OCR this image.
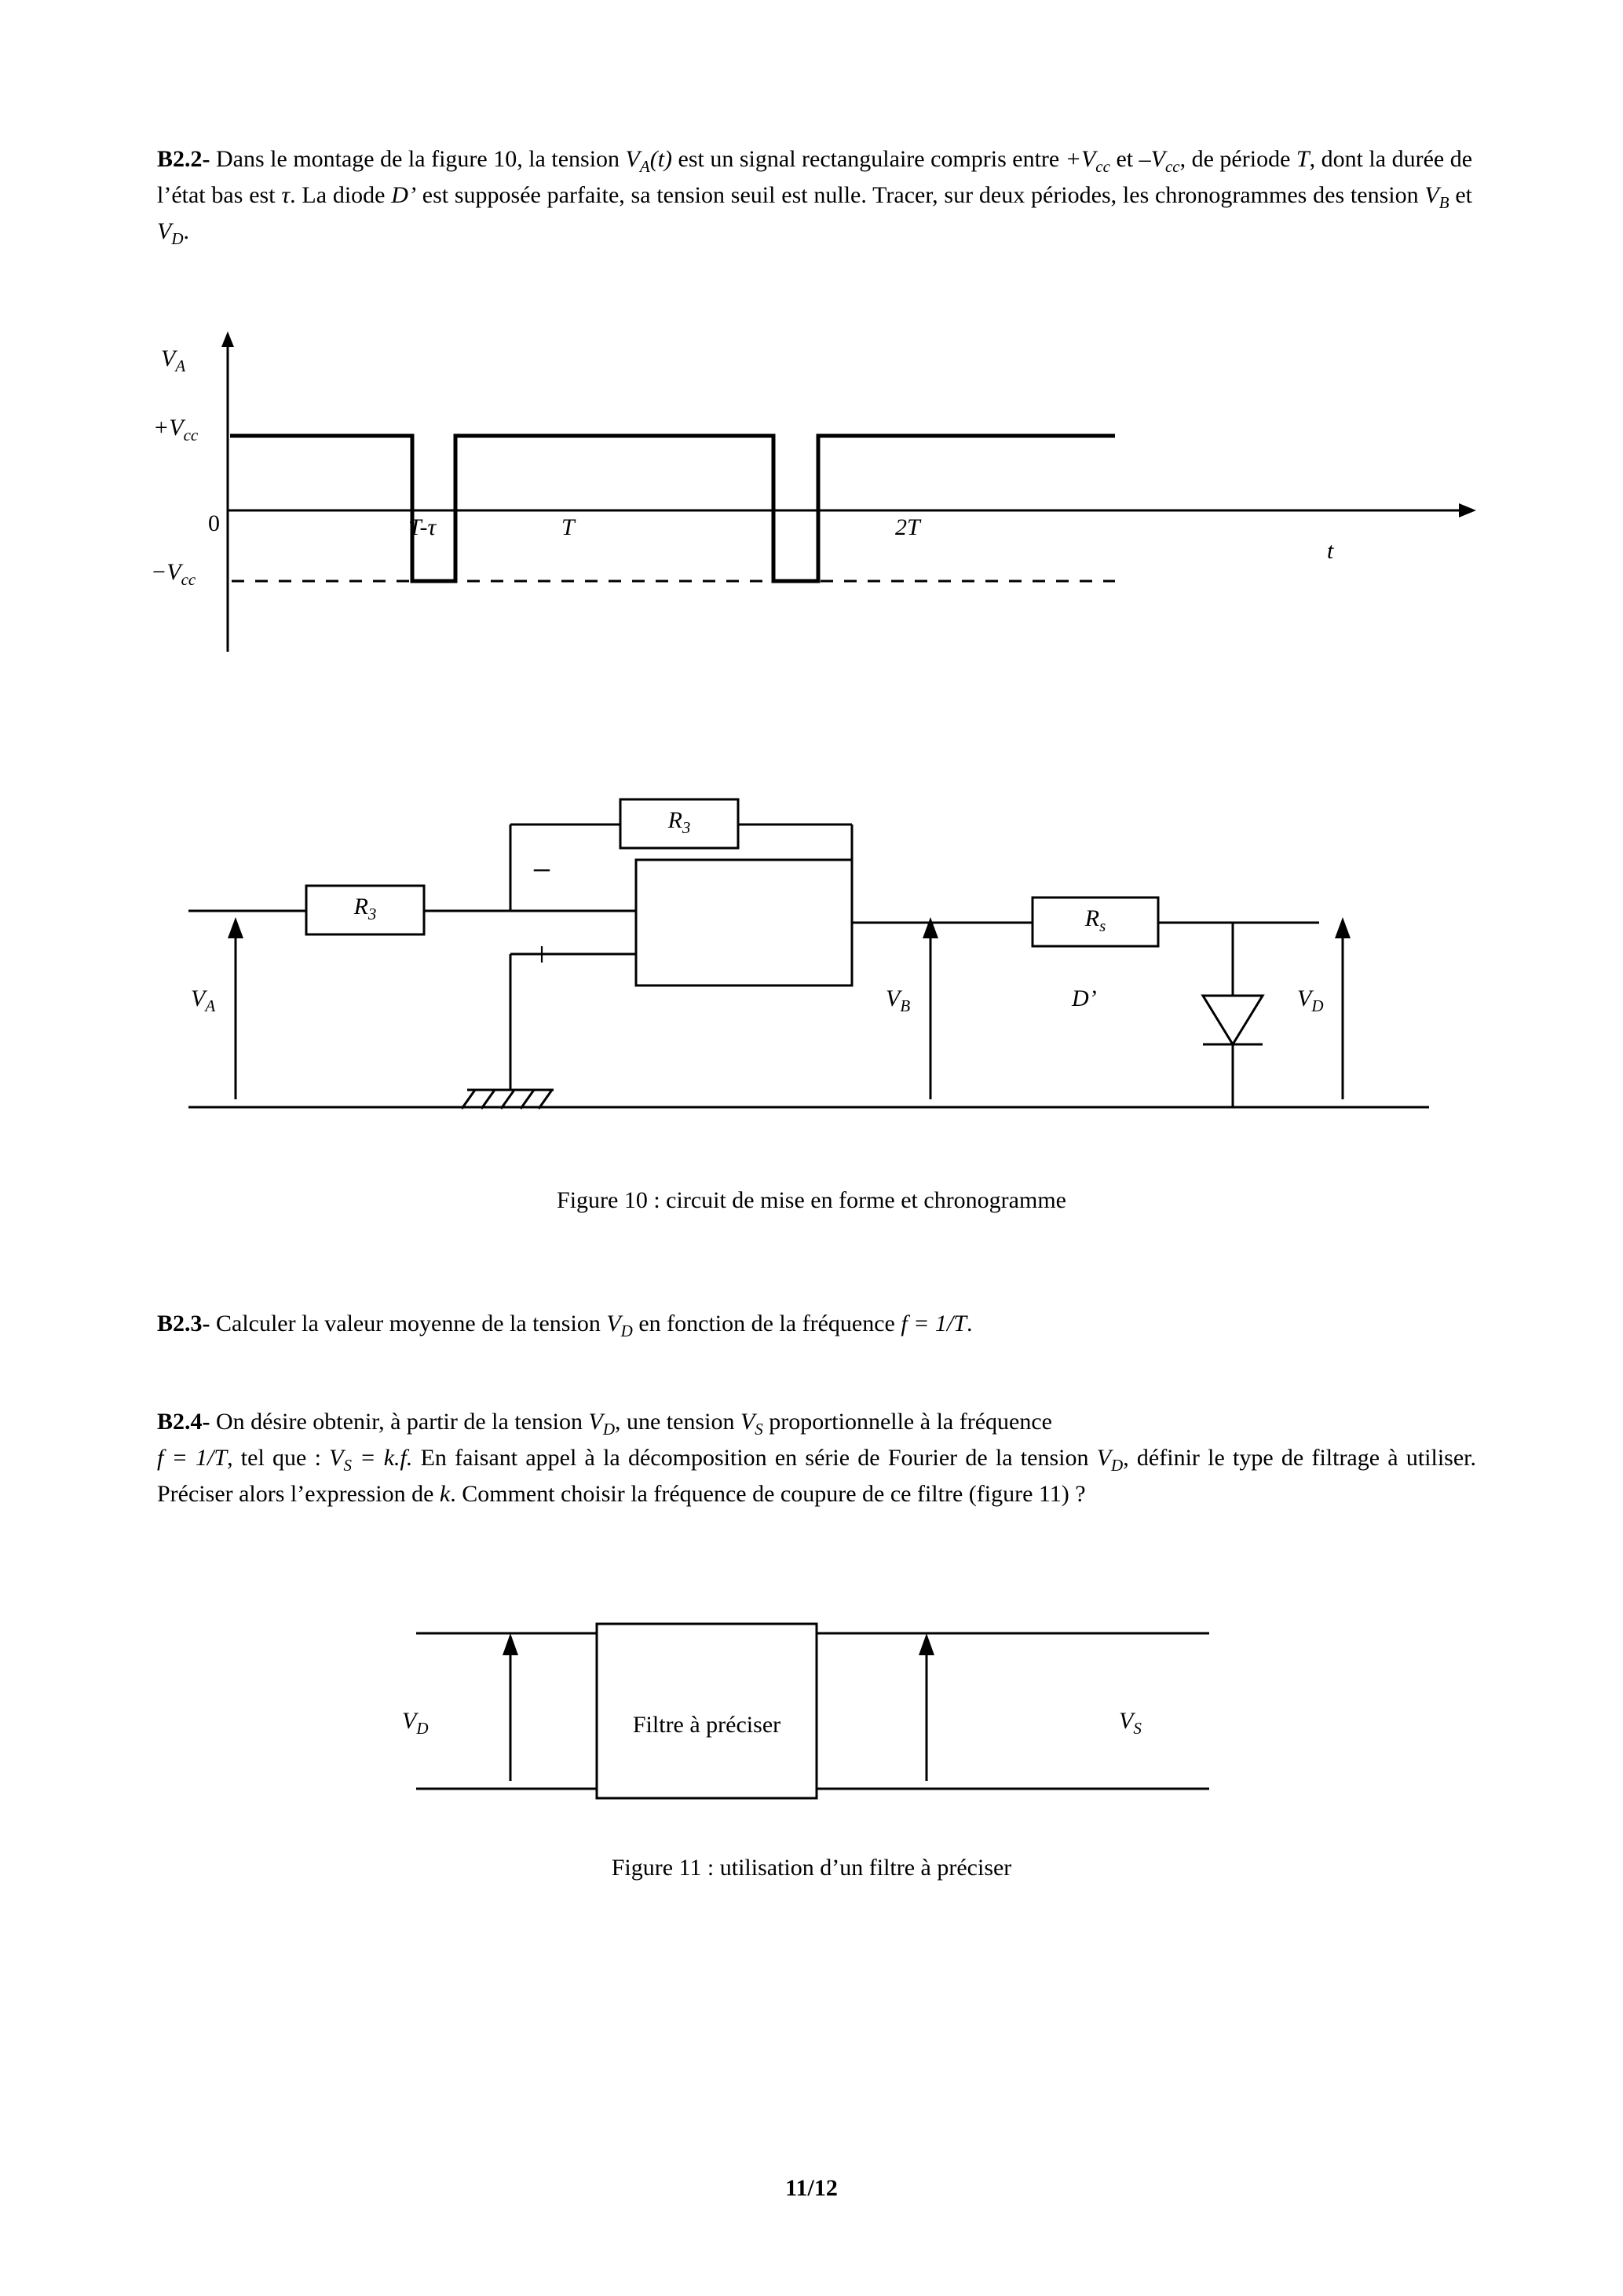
B2.2- Dans le montage de la figure 10, la tension $V_A(t)$ est un signal rectangulaire compris entre $+V_{cc}$ et $-V_{cc}$, de période T, dont la durée de l’état bas est τ. La diode D’ est supposée parfaite, sa tension seuil est nulle. Tracer, sur deux périodes, les chronogrammes des tension $V_B$ et $V_D$.
$V_A$
$+V_{cc}$
0
$-V_{cc}$
T-τ	T	2T
t
$R_3$
$R_3$
$R_s$
−
+
$V_A$	$V_B$	D’	$V_D$
Figure 10 : circuit de mise en forme et chronogramme
B2.3- Calculer la valeur moyenne de la tension $V_D$ en fonction de la fréquence f = 1/T.
B2.4- On désire obtenir, à partir de la tension $V_D$, une tension $V_S$ proportionnelle à la fréquence
f = 1/T, tel que : $V_S = k.f$. En faisant appel à la décomposition en série de Fourier de la tension $V_D$, définir le type de filtrage à utiliser. Préciser alors l’expression de k. Comment choisir la fréquence de coupure de ce filtre (figure 11) ?
$V_D$	$V_S$
Filtre à préciser
Figure 11 : utilisation d’un filtre à préciser
11/12
